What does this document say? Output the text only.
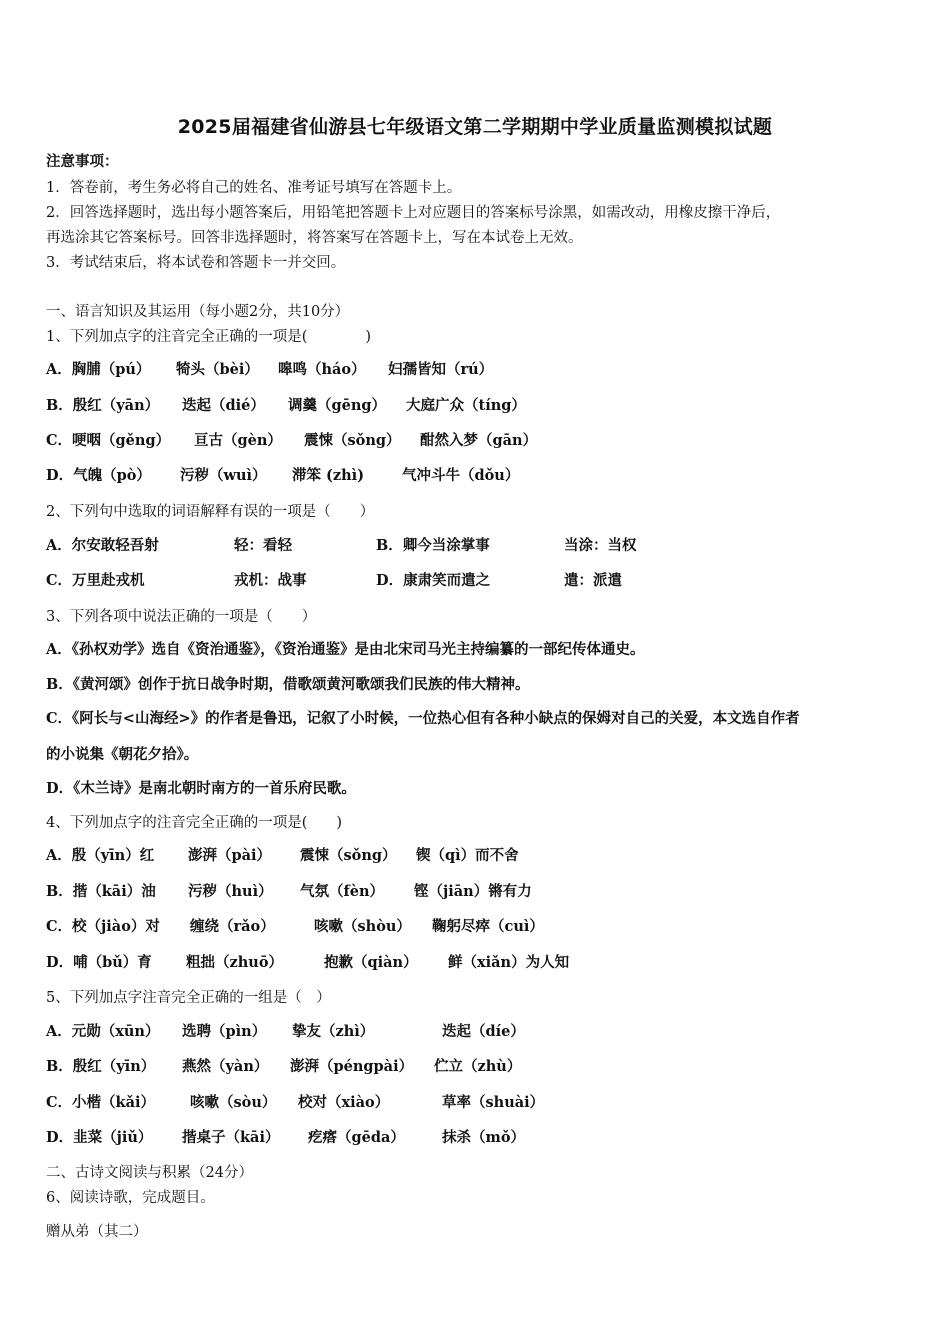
2025届福建省仙游县七年级语文第二学期期中学业质量监测模拟试题
注意事项：
1．答卷前，考生务必将自己的姓名、准考证号填写在答题卡上。
2．回答选择题时，选出每小题答案后，用铅笔把答题卡上对应题目的答案标号涂黑，如需改动，用橡皮擦干净后，
再选涂其它答案标号。回答非选择题时，将答案写在答题卡上，写在本试卷上无效。
3．考试结束后，将本试卷和答题卡一并交回。
一、语言知识及其运用（每小题2分，共10分）
1、下列加点字的注音完全正确的一项是(　　　　)
A．胸脯（pú） 犄头（bèi） 嗥鸣（háo） 妇孺皆知（rú）
B．殷红（yān） 迭起（dié） 调羹（gēng） 大庭广众（tíng）
C．哽咽（gěng） 亘古（gèn） 震悚（sǒng） 酣然入梦（gān）
D．气魄（pò） 污秽（wuì） 滞笨 (zhì)	气冲斗牛（dǒu）
2、下列句中选取的词语解释有误的一项是（　　）
A．尔安敢轻吾射	轻：看轻	B．卿今当涂掌事	当涂：当权
C．万里赴戎机	戎机：战事	D．康肃笑而遣之	遣：派遣
3、下列各项中说法正确的一项是（　　）
A．《孙权劝学》选自《资治通鉴》，《资治通鉴》是由北宋司马光主持编纂的一部纪传体通史。
B．《黄河颂》创作于抗日战争时期，借歌颂黄河歌颂我们民族的伟大精神。
C．《阿长与<山海经>》的作者是鲁迅，记叙了小时候，一位热心但有各种小缺点的保姆对自己的关爱，本文选自作者
的小说集《朝花夕拾》。
D．《木兰诗》是南北朝时南方的一首乐府民歌。
4、下列加点字的注音完全正确的一项是(　　)
A．殷（yīn）红 澎湃（pài） 震悚（sǒng） 锲（qì）而不舍
B．揩（kāi）油 污秽（huì） 气氛（fèn） 铿（jiān）锵有力
C．校（jiào）对 缠绕（rǎo）	咳嗽（shòu） 鞠躬尽瘁（cuì）
D．哺（bǔ）育 粗拙（zhuō）	抱歉（qiàn） 鲜（xiǎn）为人知
5、下列加点字注音完全正确的一组是（　）
A．元勋（xūn） 选聘（pìn） 挚友（zhì）	迭起（díe）
B．殷红（yīn） 燕然（yàn） 澎湃（péngpài） 伫立（zhù）
C．小楷（kǎi） 咳嗽（sòu） 校对（xiào）	草率（shuài）
D．韭菜（jiǔ） 揩桌子（kāi） 疙瘩（gēda）	抹杀（mǒ）
二、古诗文阅读与积累（24分）
6、阅读诗歌，完成题目。
赠从弟（其二）
